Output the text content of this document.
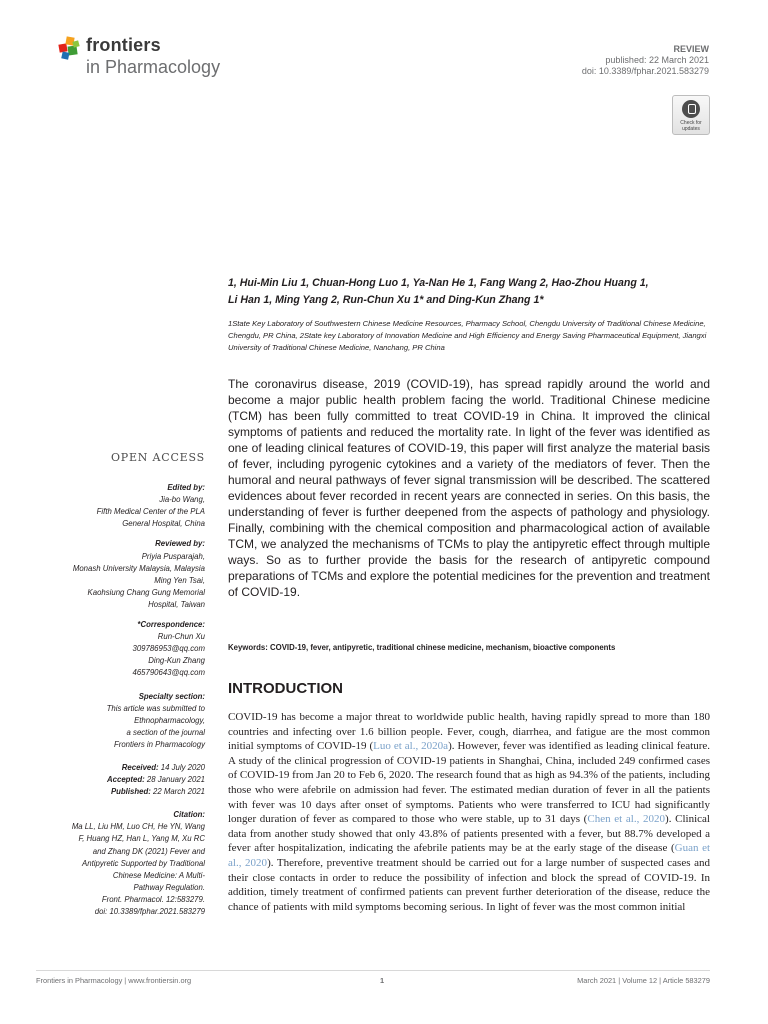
frontiers
in Pharmacology
REVIEW
published: 22 March 2021
doi: 10.3389/fphar.2021.583279
Check for updates
1, Hui-Min Liu 1, Chuan-Hong Luo 1, Ya-Nan He 1, Fang Wang 2, Hao-Zhou Huang 1,
Li Han 1, Ming Yang 2, Run-Chun Xu 1* and Ding-Kun Zhang 1*
1State Key Laboratory of Southwestern Chinese Medicine Resources, Pharmacy School, Chengdu University of Traditional Chinese Medicine, Chengdu, PR China, 2State key Laboratory of Innovation Medicine and High Efficiency and Energy Saving Pharmaceutical Equipment, Jiangxi University of Traditional Chinese Medicine, Nanchang, PR China
The coronavirus disease, 2019 (COVID-19), has spread rapidly around the world and become a major public health problem facing the world. Traditional Chinese medicine (TCM) has been fully committed to treat COVID-19 in China. It improved the clinical symptoms of patients and reduced the mortality rate. In light of the fever was identified as one of leading clinical features of COVID-19, this paper will first analyze the material basis of fever, including pyrogenic cytokines and a variety of the mediators of fever. Then the humoral and neural pathways of fever signal transmission will be described. The scattered evidences about fever recorded in recent years are connected in series. On this basis, the understanding of fever is further deepened from the aspects of pathology and physiology. Finally, combining with the chemical composition and pharmacological action of available TCM, we analyzed the mechanisms of TCMs to play the antipyretic effect through multiple ways. So as to further provide the basis for the research of antipyretic compound preparations of TCMs and explore the potential medicines for the prevention and treatment of COVID-19.
Keywords: COVID-19, fever, antipyretic, traditional chinese medicine, mechanism, bioactive components
OPEN ACCESS
Edited by:
Jia-bo Wang,
Fifth Medical Center of the PLA
General Hospital, China
Reviewed by:
Priyia Pusparajah,
Monash University Malaysia, Malaysia
Ming Yen Tsai,
Kaohsiung Chang Gung Memorial
Hospital, Taiwan
*Correspondence:
Run-Chun Xu
309786953@qq.com
Ding-Kun Zhang
465790643@qq.com
Specialty section:
This article was submitted to
Ethnopharmacology,
a section of the journal
Frontiers in Pharmacology
Received: 14 July 2020
Accepted: 28 January 2021
Published: 22 March 2021
Citation:
Ma LL, Liu HM, Luo CH, He YN, Wang
F, Huang HZ, Han L, Yang M, Xu RC
and Zhang DK (2021) Fever and
Antipyretic Supported by Traditional
Chinese Medicine: A Multi-
Pathway Regulation.
Front. Pharmacol. 12:583279.
doi: 10.3389/fphar.2021.583279
INTRODUCTION
COVID-19 has become a major threat to worldwide public health, having rapidly spread to more than 180 countries and infecting over 1.6 billion people. Fever, cough, diarrhea, and fatigue are the most common initial symptoms of COVID-19 (Luo et al., 2020a). However, fever was identified as leading clinical feature. A study of the clinical progression of COVID-19 patients in Shanghai, China, included 249 confirmed cases of COVID-19 from Jan 20 to Feb 6, 2020. The research found that as high as 94.3% of the patients, including those who were afebrile on admission had fever. The estimated median duration of fever in all the patients with fever was 10 days after onset of symptoms. Patients who were transferred to ICU had significantly longer duration of fever as compared to those who were stable, up to 31 days (Chen et al., 2020). Clinical data from another study showed that only 43.8% of patients presented with a fever, but 88.7% developed a fever after hospitalization, indicating the afebrile patients may be at the early stage of the disease (Guan et al., 2020). Therefore, preventive treatment should be carried out for a large number of suspected cases and their close contacts in order to reduce the possibility of infection and block the spread of COVID-19. In addition, timely treatment of confirmed patients can prevent further deterioration of the disease, reduce the chance of patients with mild symptoms becoming serious. In light of fever was the most common initial
Frontiers in Pharmacology | www.frontiersin.org	1	March 2021 | Volume 12 | Article 583279
